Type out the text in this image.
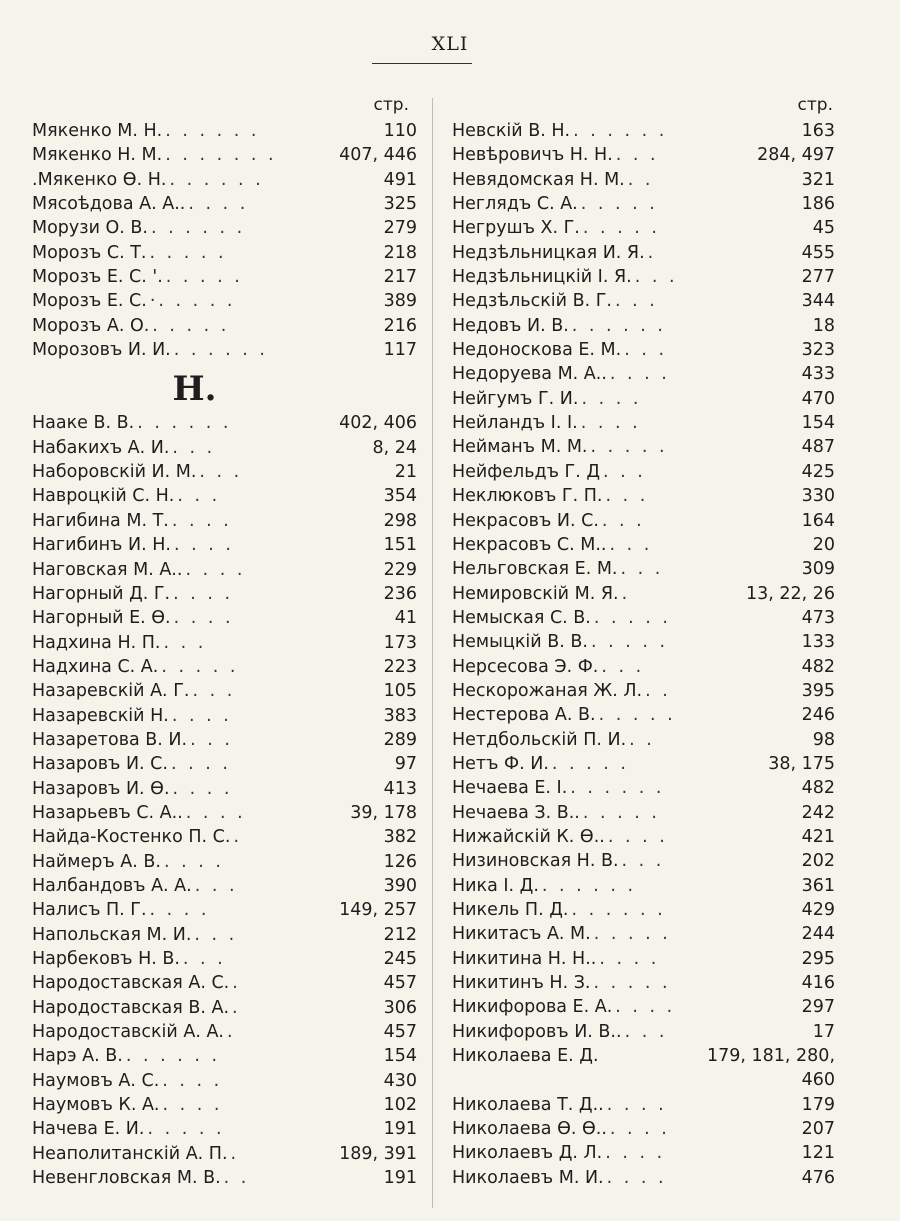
XLI
стр.
Мякенко М. Н. . . . . . .	110
Мякенко Н. М. . . . . . . .	407, 446
.Мякенко Ѳ. Н. . . . . . .	491
Мясоѣдова А. А.. . . . .	325
Морузи О. В. . . . . . .	279
Морозъ С. Т. . . . . .	218
Морозъ Е. С. '. . . . . .	217
Морозъ Е. С. ·. . . . .	389
Морозъ А. О. . . . . .	216
Морозовъ И. И. . . . . . .	117
Н.
Нааке В. В. . . . . . .	402, 406
Набакихъ А. И. . . .	8, 24
Наборовскій И. М. . . .	21
Навроцкій С. Н. . . .	354
Нагибина М. Т. . . . .	298
Нагибинъ И. Н. . . . .	151
Наговская М. А.. . . . .	229
Нагорный Д. Г. . . . .	236
Нагорный Е. Ѳ. . . . .	41
Надхина Н. П. . . .	173
Надхина С. А. . . . . .	223
Назаревскій А. Г. . . .	105
Назаревскій Н. . . . .	383
Назаретова В. И. . . .	289
Назаровъ И. С. . . . .	97
Назаровъ И. Ѳ. . . . .	413
Назарьевъ С. А.. . . . .	39, 178
Найда-Костенко П. С. .	382
Наймеръ А. В. . . . .	126
Налбандовъ А. А. . . .	390
Налисъ П. Г. . . . .	149, 257
Напольская М. И. . . .	212
Нарбековъ Н. В. . . .	245
Народоставская А. С. .	457
Народоставская В. А. .	306
Народоставскій А. А. .	457
Нарэ А. В. . . . . . .	154
Наумовъ А. С. . . . .	430
Наумовъ К. А. . . . .	102
Начева Е. И. . . . . .	191
Неаполитанскій А. П. .	189, 391
Невенгловская М. В. . .	191
стр.
Невскій В. Н. . . . . . .	163
Невѣровичъ Н. Н. . . .	284, 497
Невядомская Н. М. . .	321
Неглядъ С. А. . . . . .	186
Негрушъ Х. Г. . . . . .	45
Недзѣльницкая И. Я. .	455
Недзѣльницкій І. Я. . . .	277
Недзѣльскій В. Г. . . .	344
Недовъ И. В. . . . . . .	18
Недоноскова Е. М. . . .	323
Недоруева М. А.. . . . .	433
Нейгумъ Г. И. . . . .	470
Нейландъ І. І. . . . .	154
Нейманъ М. М. . . . . .	487
Нейфельдъ Г. Д . . .	425
Неклюковъ Г. П. . . .	330
Некрасовъ И. С. . . .	164
Некрасовъ С. М.. . . .	20
Нельговская Е. М. . . .	309
Немировскій М. Я. .	13, 22, 26
Немыская С. В. . . . . .	473
Немыцкій В. В. . . . . .	133
Нерсесова Э. Ф. . . .	482
Нескорожаная Ж. Л. . .	395
Нестерова А. В. . . . . .	246
Нетдбольскій П. И. . .	98
Нетъ Ф. И. . . . . .	38, 175
Нечаева Е. І. . . . . . .	482
Нечаева З. В.. . . . . .	242
Нижайскій К. Ѳ.. . . . .	421
Низиновская Н. В. . . .	202
Ника І. Д. . . . . . .	361
Никель П. Д. . . . . . .	429
Никитасъ А. М. . . . . .	244
Никитина Н. Н.. . . . .	295
Никитинъ Н. З. . . . . .	416
Никифорова Е. А. . . . .	297
Никифоровъ И. В.. . . .	17
Николаева Е. Д.	179, 181, 280,
460
Николаева Т. Д.. . . . .	179
Николаева Ѳ. Ѳ.. . . . .	207
Николаевъ Д. Л. . . . .	121
Николаевъ М. И. . . . .	476
